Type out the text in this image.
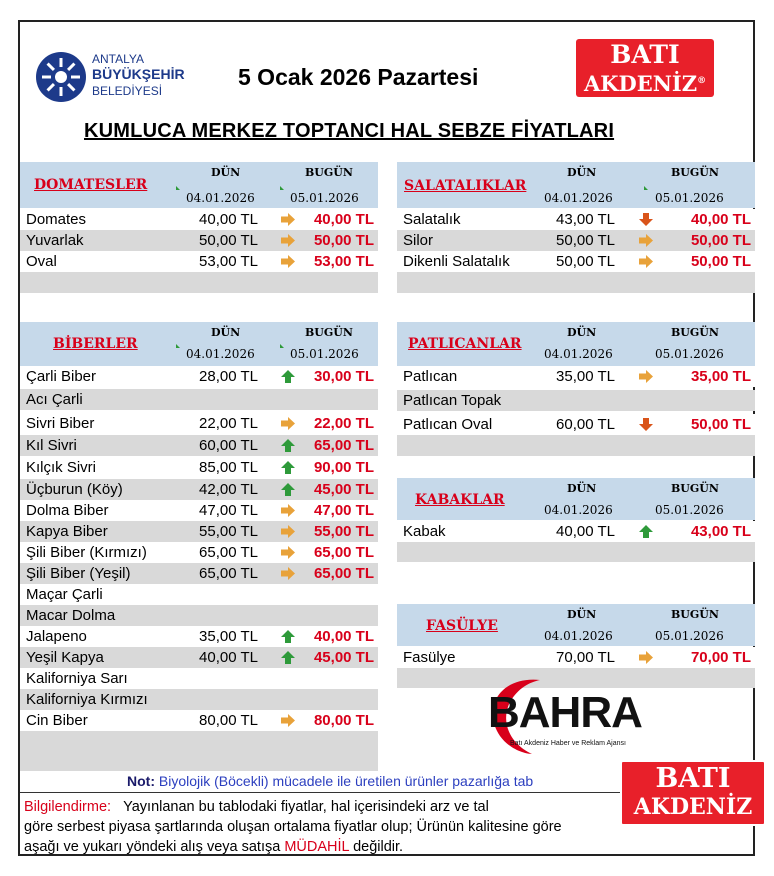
ANTALYA
BÜYÜKŞEHİR
BELEDİYESİ
5 Ocak 2026 Pazartesi
BATI
AKDENİZ®
KUMLUCA MERKEZ TOPTANCI HAL SEBZE FİYATLARI
DOMATESLER
DÜN	BUGÜN
04.01.2026	05.01.2026
Domates	40,00 TL	40,00 TL
Yuvarlak	50,00 TL	50,00 TL
Oval	53,00 TL	53,00 TL
BİBERLER
DÜN	BUGÜN
04.01.2026	05.01.2026
Çarli Biber	28,00 TL	30,00 TL
Acı Çarli
Sivri Biber	22,00 TL	22,00 TL
Kıl Sivri	60,00 TL	65,00 TL
Kılçık Sivri	85,00 TL	90,00 TL
Üçburun (Köy)	42,00 TL	45,00 TL
Dolma Biber	47,00 TL	47,00 TL
Kapya Biber	55,00 TL	55,00 TL
Şili Biber (Kırmızı)	65,00 TL	65,00 TL
Şili Biber (Yeşil)	65,00 TL	65,00 TL
Maçar Çarli
Macar Dolma
Jalapeno	35,00 TL	40,00 TL
Yeşil Kapya	40,00 TL	45,00 TL
Kaliforniya Sarı
Kaliforniya Kırmızı
Cin Biber	80,00 TL	80,00 TL
SALATALIKLAR
DÜN	BUGÜN
04.01.2026	05.01.2026
Salatalık	43,00 TL	40,00 TL
Silor	50,00 TL	50,00 TL
Dikenli Salatalık	50,00 TL	50,00 TL
PATLICANLAR
DÜN	BUGÜN
04.01.2026	05.01.2026
Patlıcan	35,00 TL	35,00 TL
Patlıcan Topak
Patlıcan Oval	60,00 TL	50,00 TL
KABAKLAR
DÜN	BUGÜN
04.01.2026	05.01.2026
Kabak	40,00 TL	43,00 TL
FASÜLYE
DÜN	BUGÜN
04.01.2026	05.01.2026
Fasülye	70,00 TL	70,00 TL
BAHRA
Batı Akdeniz Haber ve Reklam Ajansı
Not: Biyolojik (Böcekli) mücadele ile üretilen ürünler pazarlığa tab
Bilgilendirme: Yayınlanan bu tablodaki fiyatlar, hal içerisindeki arz ve tal
göre serbest piyasa şartlarında oluşan ortalama fiyatlar olup; Ürünün kalitesine göre
aşağı ve yukarı yöndeki alış veya satışa MÜDAHİL değildir.
BATI
AKDENİZ
